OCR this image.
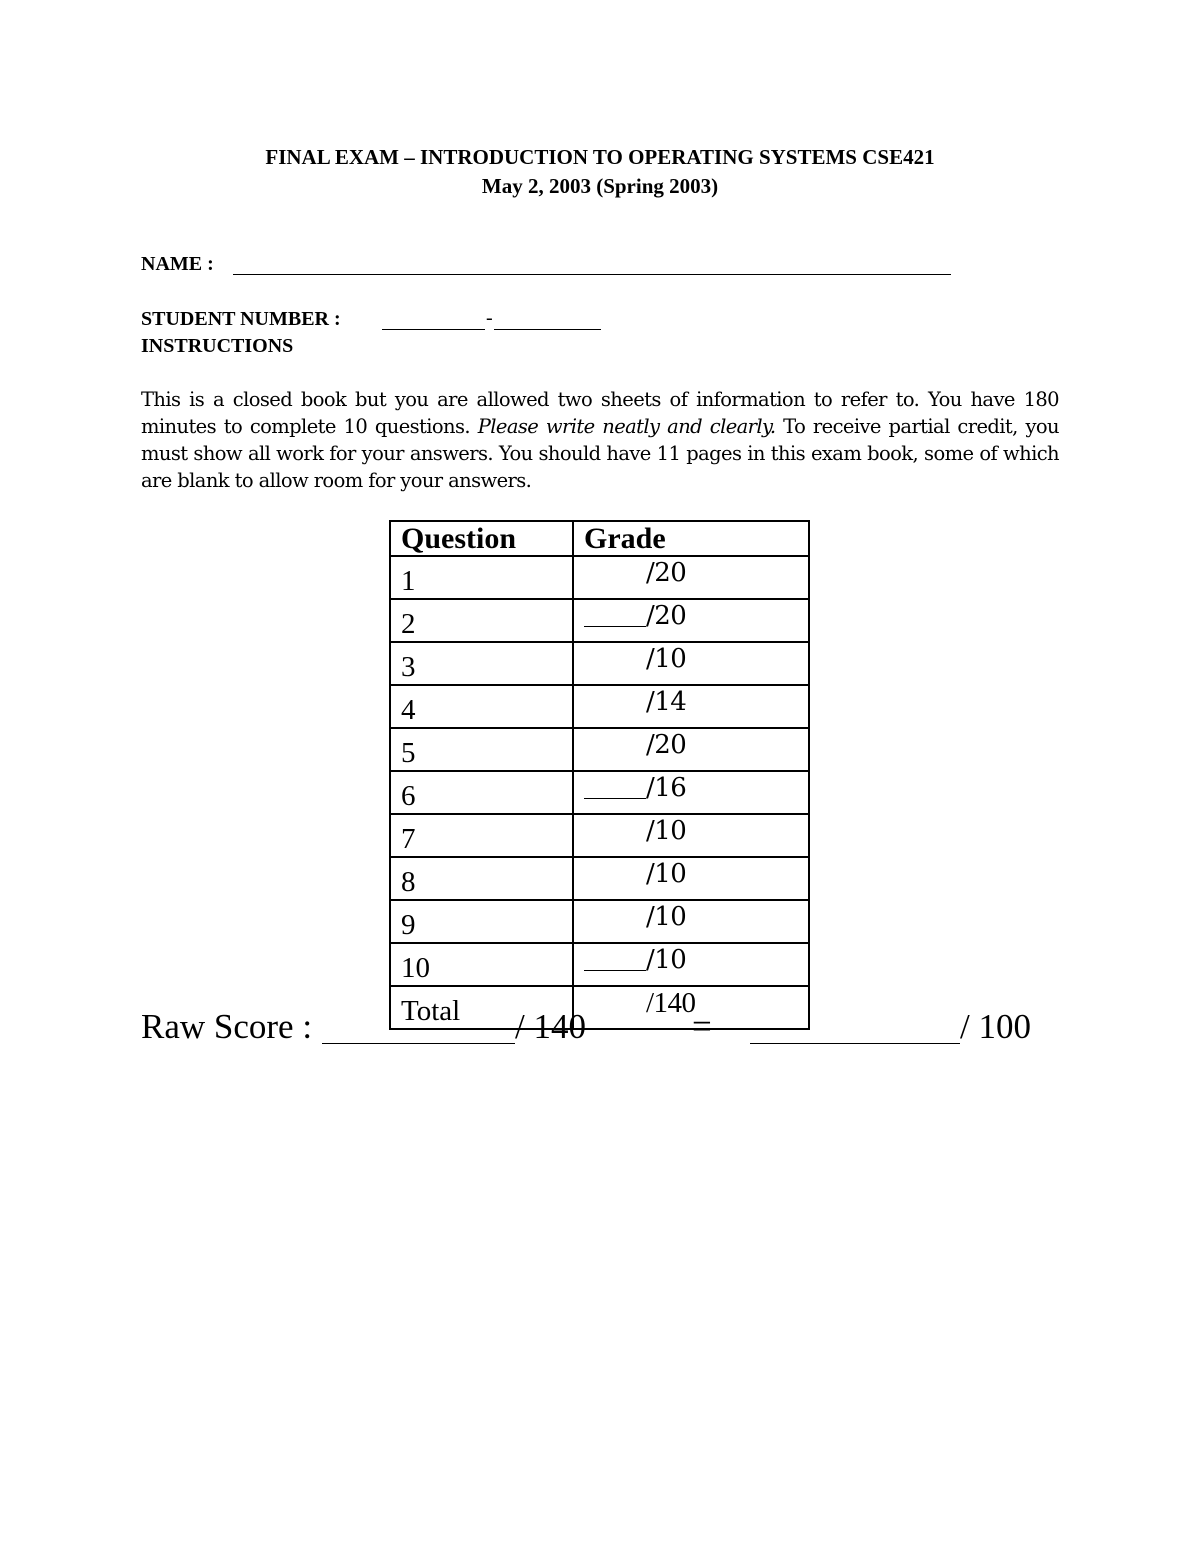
FINAL EXAM – INTRODUCTION TO OPERATING SYSTEMS CSE421
May 2, 2003 (Spring 2003)
NAME :
STUDENT NUMBER :	-
INSTRUCTIONS
This is a closed book but you are allowed two sheets of information to refer to. You have 180 minutes to complete 10 questions. Please write neatly and clearly. To receive partial credit, you must show all work for your answers. You should have 11 pages in this exam book, some of which are blank to allow room for your answers.
Question	Grade
1	/20

2	/20

3	/10

4	/14

5	/20

6	/16

7	/10

8	/10

9	/10

10	/10

Total	/140
Raw Score :	/ 140	=	/ 100
